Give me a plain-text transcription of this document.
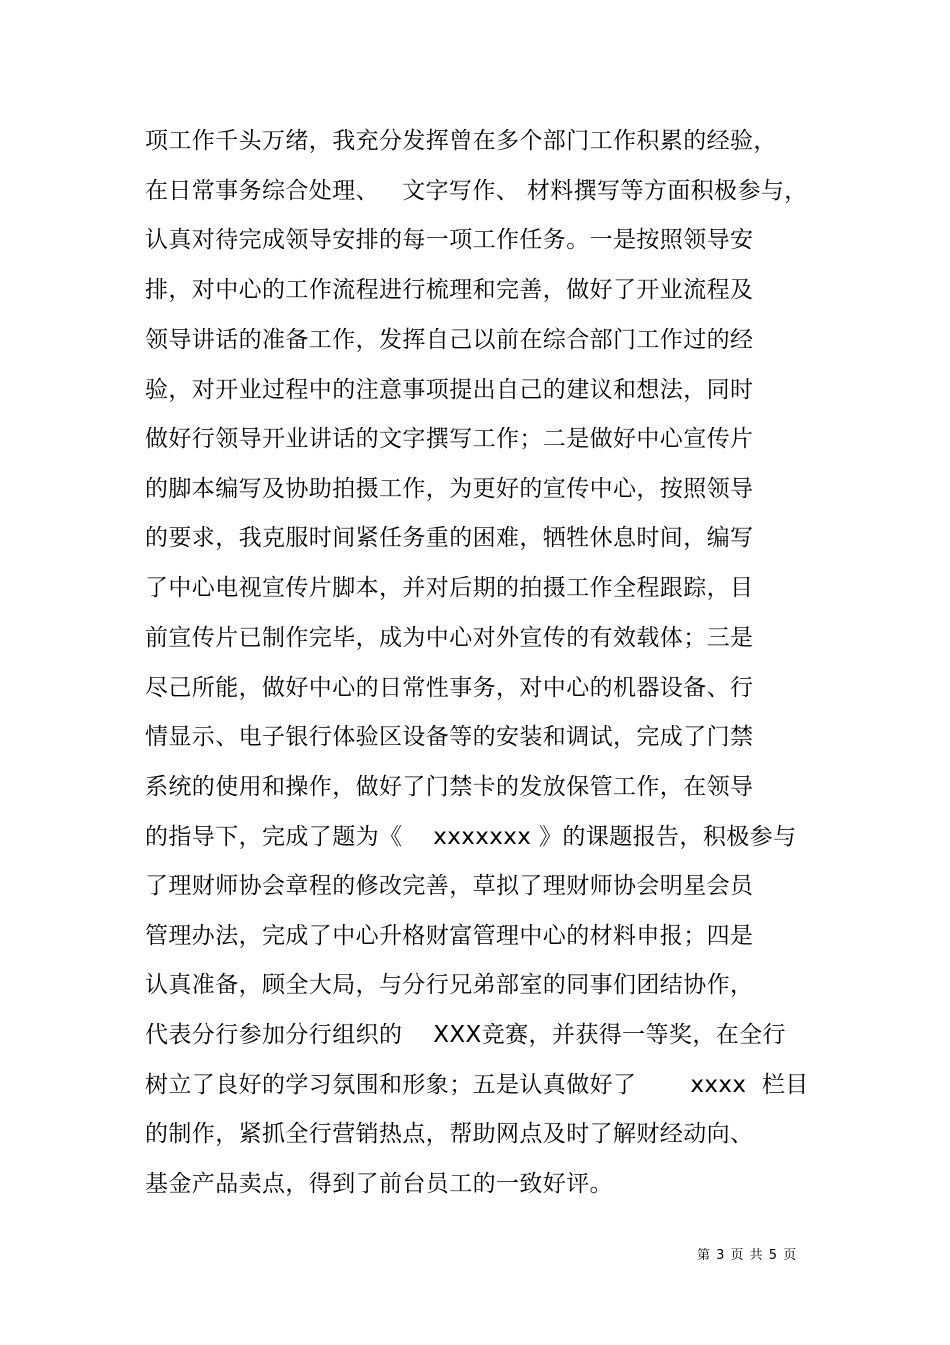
项工作千头万绪，我充分发挥曾在多个部门工作积累的经验，
在日常事务综合处理、   文字写作、 材料撰写等方面积极参与，
认真对待完成领导安排的每一项工作任务。一是按照领导安
排，对中心的工作流程进行梳理和完善，做好了开业流程及
领导讲话的准备工作，发挥自己以前在综合部门工作过的经
验，对开业过程中的注意事项提出自己的建议和想法，同时
做好行领导开业讲话的文字撰写工作；二是做好中心宣传片
的脚本编写及协助拍摄工作，为更好的宣传中心，按照领导
的要求，我克服时间紧任务重的困难，牺牲休息时间，编写
了中心电视宣传片脚本，并对后期的拍摄工作全程跟踪，目
前宣传片已制作完毕，成为中心对外宣传的有效载体；三是
尽己所能，做好中心的日常性事务，对中心的机器设备、行
情显示、电子银行体验区设备等的安装和调试，完成了门禁
系统的使用和操作，做好了门禁卡的发放保管工作，在领导
的指导下，完成了题为《    xxxxxxx 》的课题报告，积极参与
了理财师协会章程的修改完善，草拟了理财师协会明星会员
管理办法，完成了中心升格财富管理中心的材料申报；四是
认真准备，顾全大局，与分行兄弟部室的同事们团结协作，
代表分行参加分行组织的    XXX竞赛，并获得一等奖，在全行
树立了良好的学习氛围和形象；五是认真做好了       xxxx  栏目
的制作，紧抓全行营销热点，帮助网点及时了解财经动向、
基金产品卖点，得到了前台员工的一致好评。
第 3 页 共 5 页
